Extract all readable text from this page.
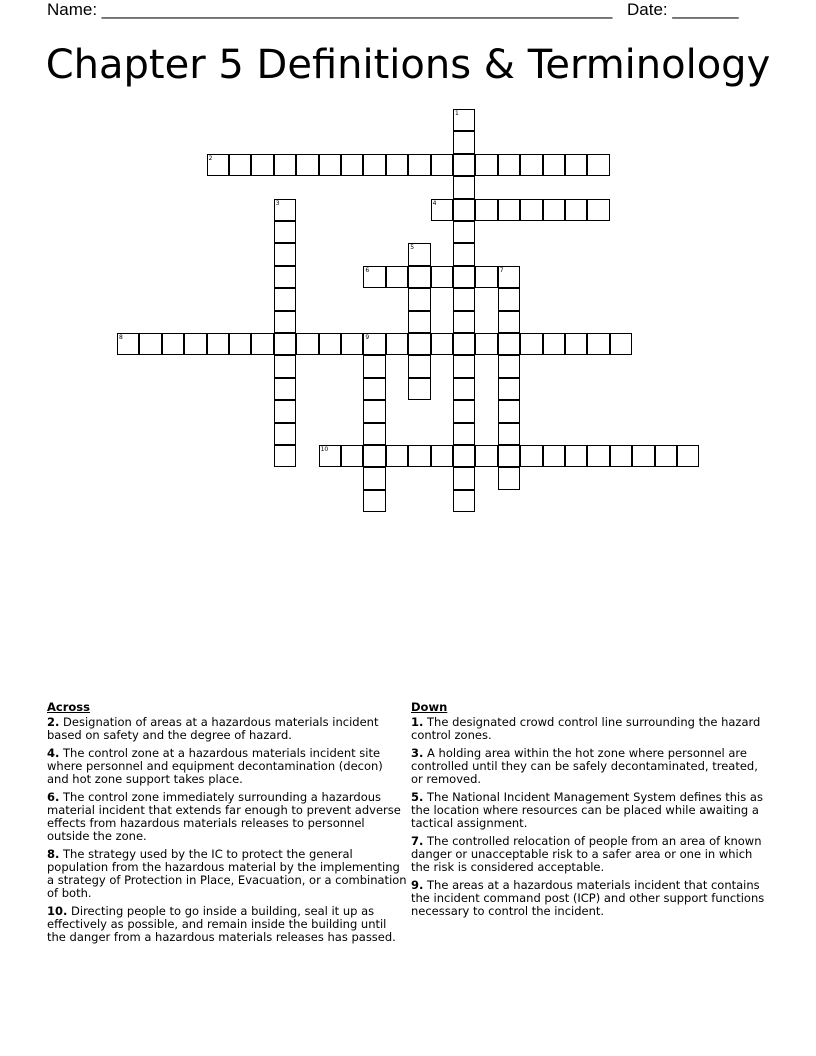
Name: ______________________________________________________ Date: _______
Chapter 5 Definitions & Terminology
1
2
3	4
5
6	7
8	9
10
Across
2. Designation of areas at a hazardous materials incident based on safety and the degree of hazard.
4. The control zone at a hazardous materials incident site where personnel and equipment decontamination (decon) and hot zone support takes place.
6. The control zone immediately surrounding a hazardous material incident that extends far enough to prevent adverse effects from hazardous materials releases to personnel outside the zone.
8. The strategy used by the IC to protect the general population from the hazardous material by the implementing a strategy of Protection in Place, Evacuation, or a combination of both.
10. Directing people to go inside a building, seal it up as effectively as possible, and remain inside the building until the danger from a hazardous materials releases has passed.
Down
1. The designated crowd control line surrounding the hazard control zones.
3. A holding area within the hot zone where personnel are controlled until they can be safely decontaminated, treated, or removed.
5. The National Incident Management System defines this as the location where resources can be placed while awaiting a tactical assignment.
7. The controlled relocation of people from an area of known danger or unacceptable risk to a safer area or one in which the risk is considered acceptable.
9. The areas at a hazardous materials incident that contains the incident command post (ICP) and other support functions necessary to control the incident.
